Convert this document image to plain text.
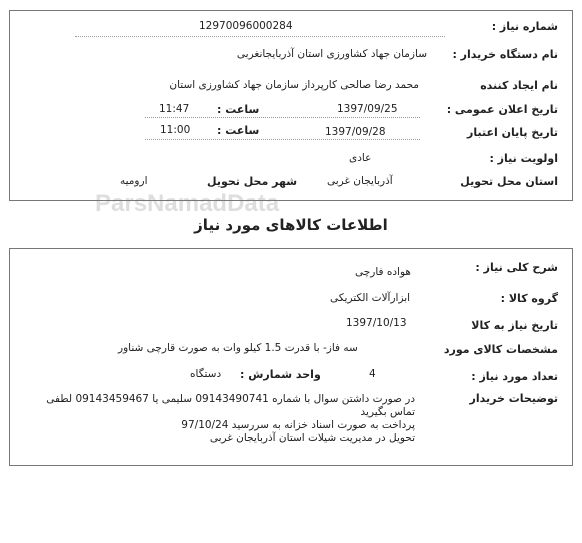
ParsNamadData
شماره نیاز :
12970096000284
نام دستگاه خریدار :
سازمان جهاد کشاورزی استان آذربایجانغربی
نام ایجاد کننده
محمد رضا صالحی کارپرداز سازمان جهاد کشاورزی استان
تاریخ اعلان عمومی :
1397/09/25
ساعت :
11:47
تاریخ پایان اعتبار
1397/09/28
ساعت :
11:00
اولویت نیاز :
عادی
استان محل تحویل
آذربایجان غربی
شهر محل تحویل
ارومیه
اطلاعات کالاهای مورد نیاز
شرح کلی نیاز :
هواده فارچی
گروه کالا :
ابزارآلات الکتریکی
تاریخ نیاز به کالا
1397/10/13
مشخصات کالای مورد
سه فاز- با قدرت 1.5 کیلو وات به صورت قارچی شناور
تعداد مورد نیاز :
4
واحد شمارش :
دستگاه
توضیحات خریدار
در صورت داشتن سوال با شماره 09143490741 سلیمی یا 09143459467 لطفی
تماس بگیرید
پرداخت به صورت اسناد خزانه به سررسید 97/10/24
تحویل در مدیریت شیلات استان آذربایجان غربی
